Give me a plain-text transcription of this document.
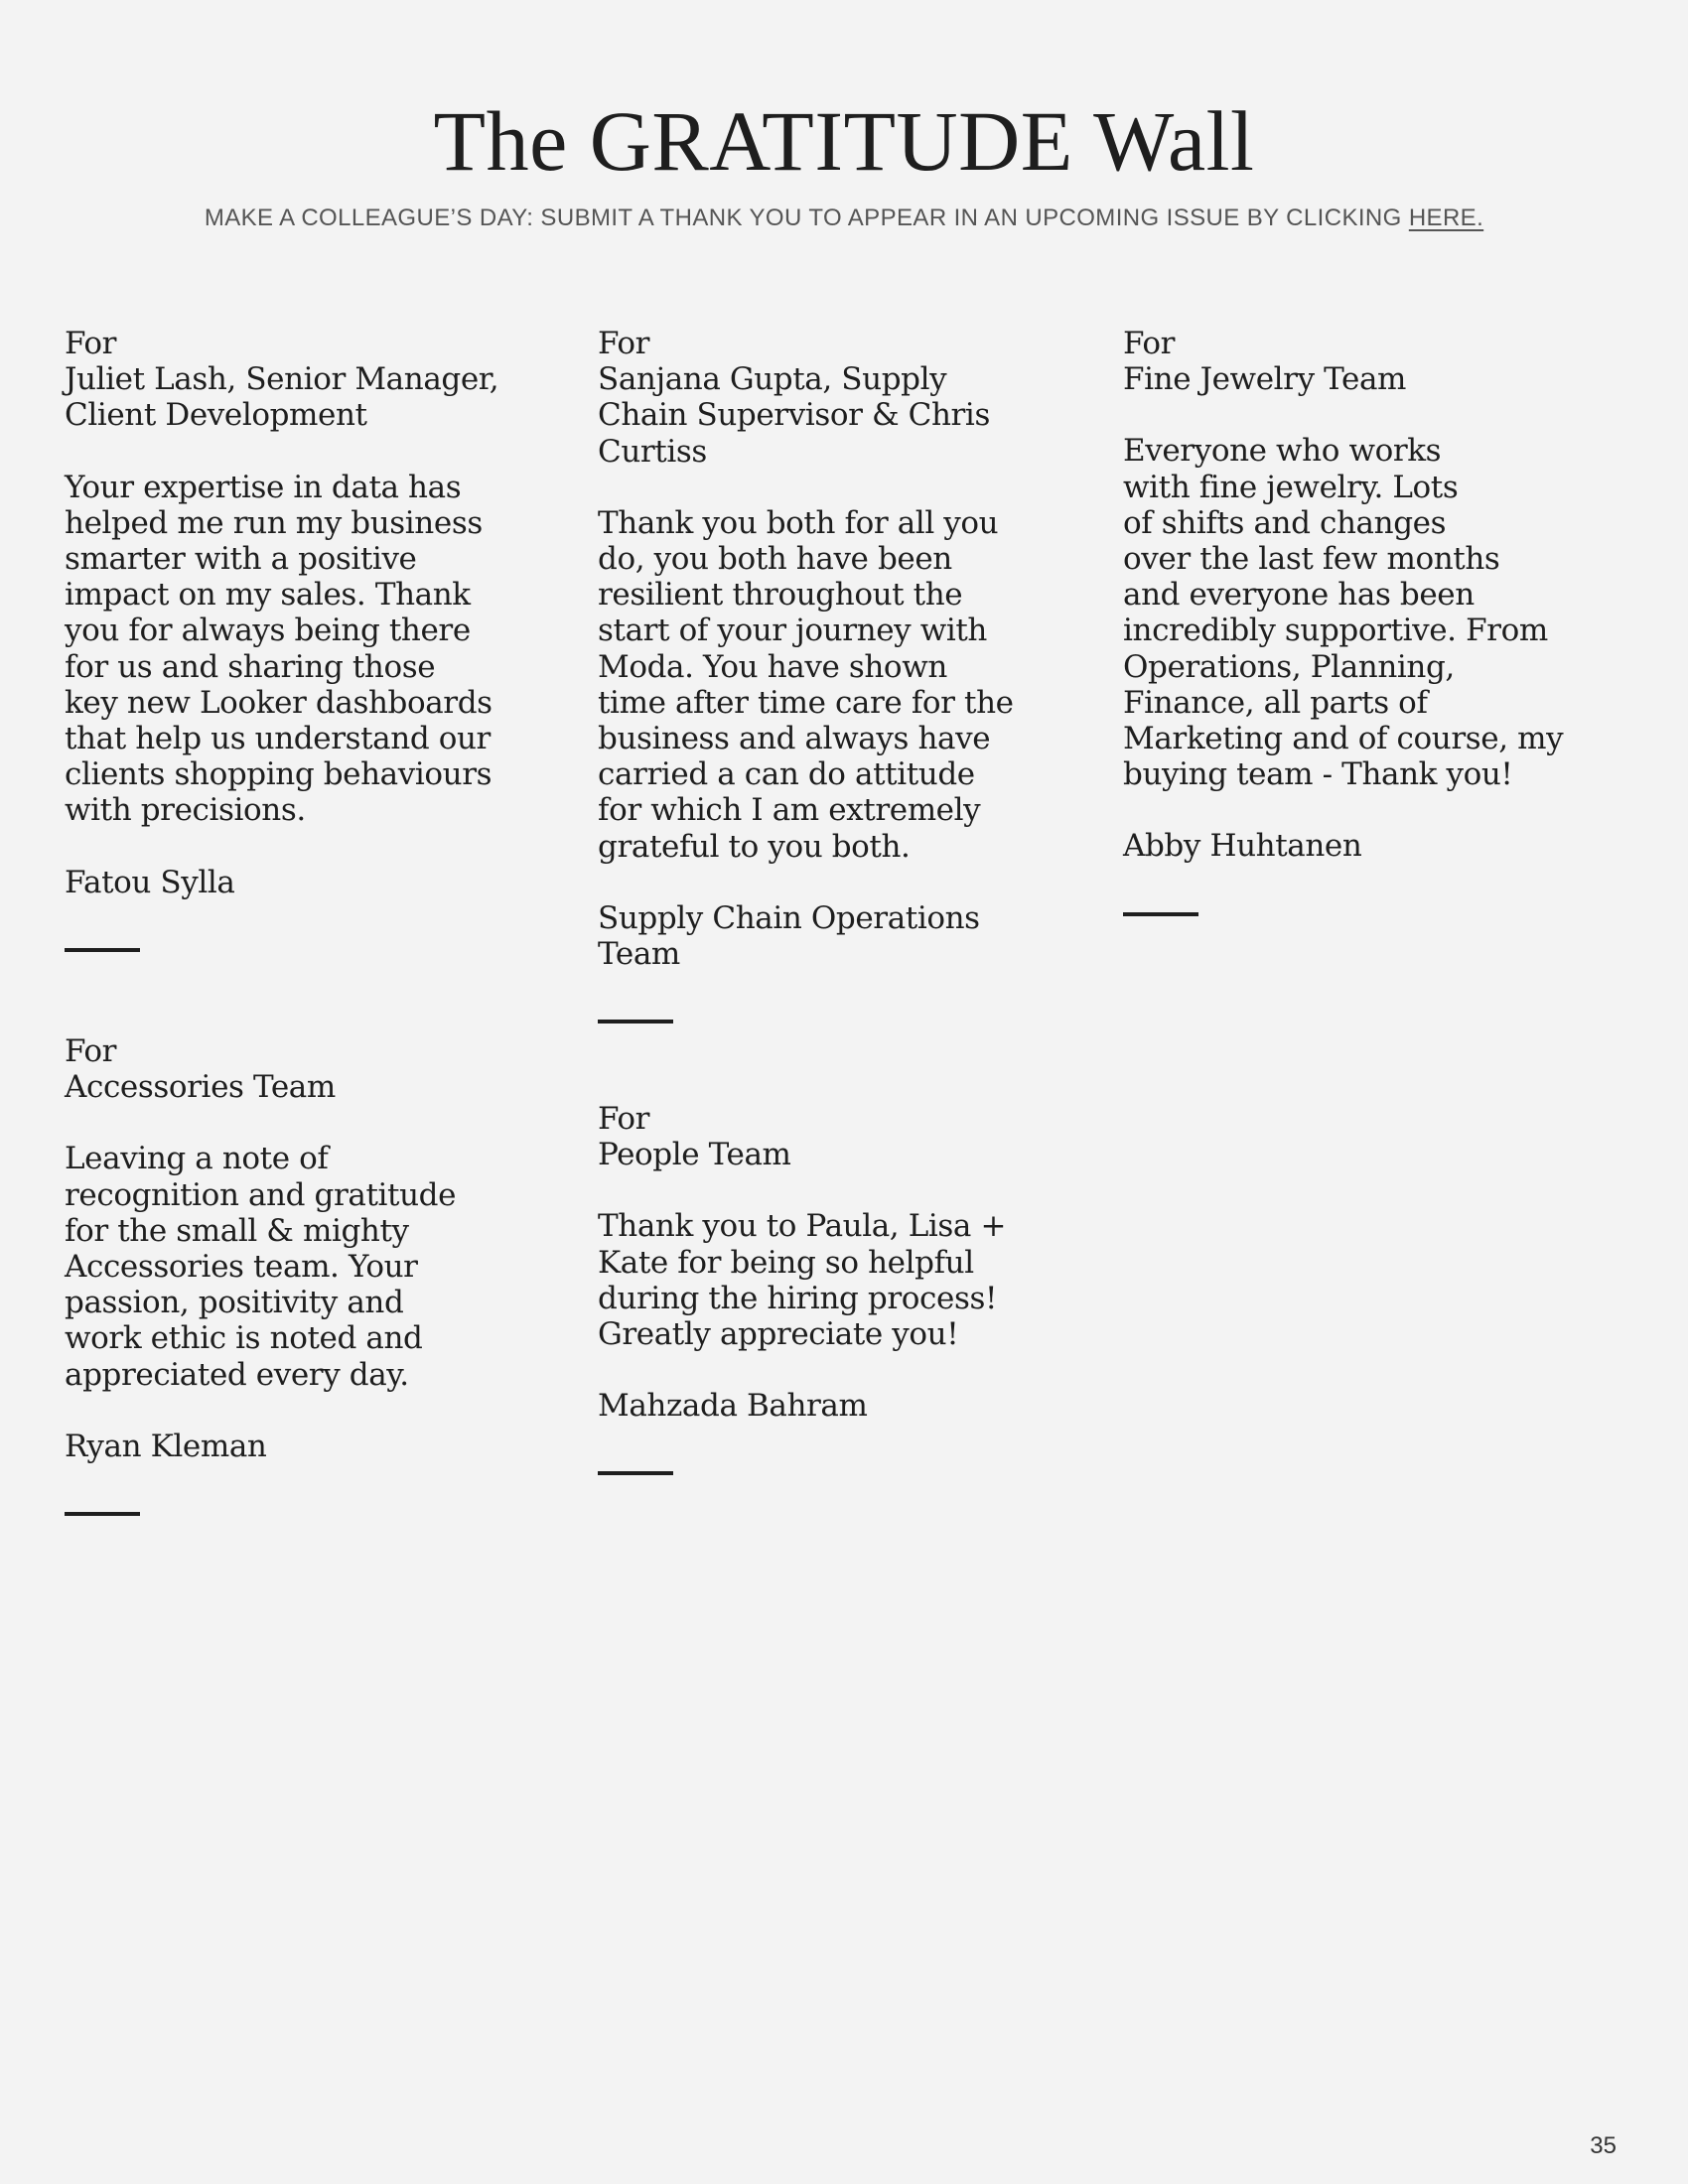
The GRATITUDE Wall
MAKE A COLLEAGUE’S DAY: SUBMIT A THANK YOU TO APPEAR IN AN UPCOMING ISSUE BY CLICKING HERE.

For

Juliet Lash, Senior Manager,
Client Development

Your expertise in data has
helped me run my business
smarter with a positive
impact on my sales. Thank
you for always being there
for us and sharing those
key new Looker dashboards
that help us understand our
clients shopping behaviours
with precisions.

Fatou Sylla

For

Accessories Team

Leaving a note of
recognition and gratitude
for the small & mighty
Accessories team. Your
passion, positivity and
work ethic is noted and
appreciated every day.

Ryan Kleman

For

Sanjana Gupta, Supply
Chain Supervisor & Chris
Curtiss

Thank you both for all you
do, you both have been
resilient throughout the
start of your journey with
Moda. You have shown
time after time care for the
business and always have
carried a can do attitude
for which I am extremely
grateful to you both.

Supply Chain Operations
Team

For

People Team

Thank you to Paula, Lisa +
Kate for being so helpful
during the hiring process!
Greatly appreciate you!

Mahzada Bahram

For

Fine Jewelry Team

Everyone who works
with fine jewelry. Lots
of shifts and changes
over the last few months
and everyone has been
incredibly supportive. From
Operations, Planning,
Finance, all parts of
Marketing and of course, my
buying team - Thank you!

Abby Huhtanen

35
